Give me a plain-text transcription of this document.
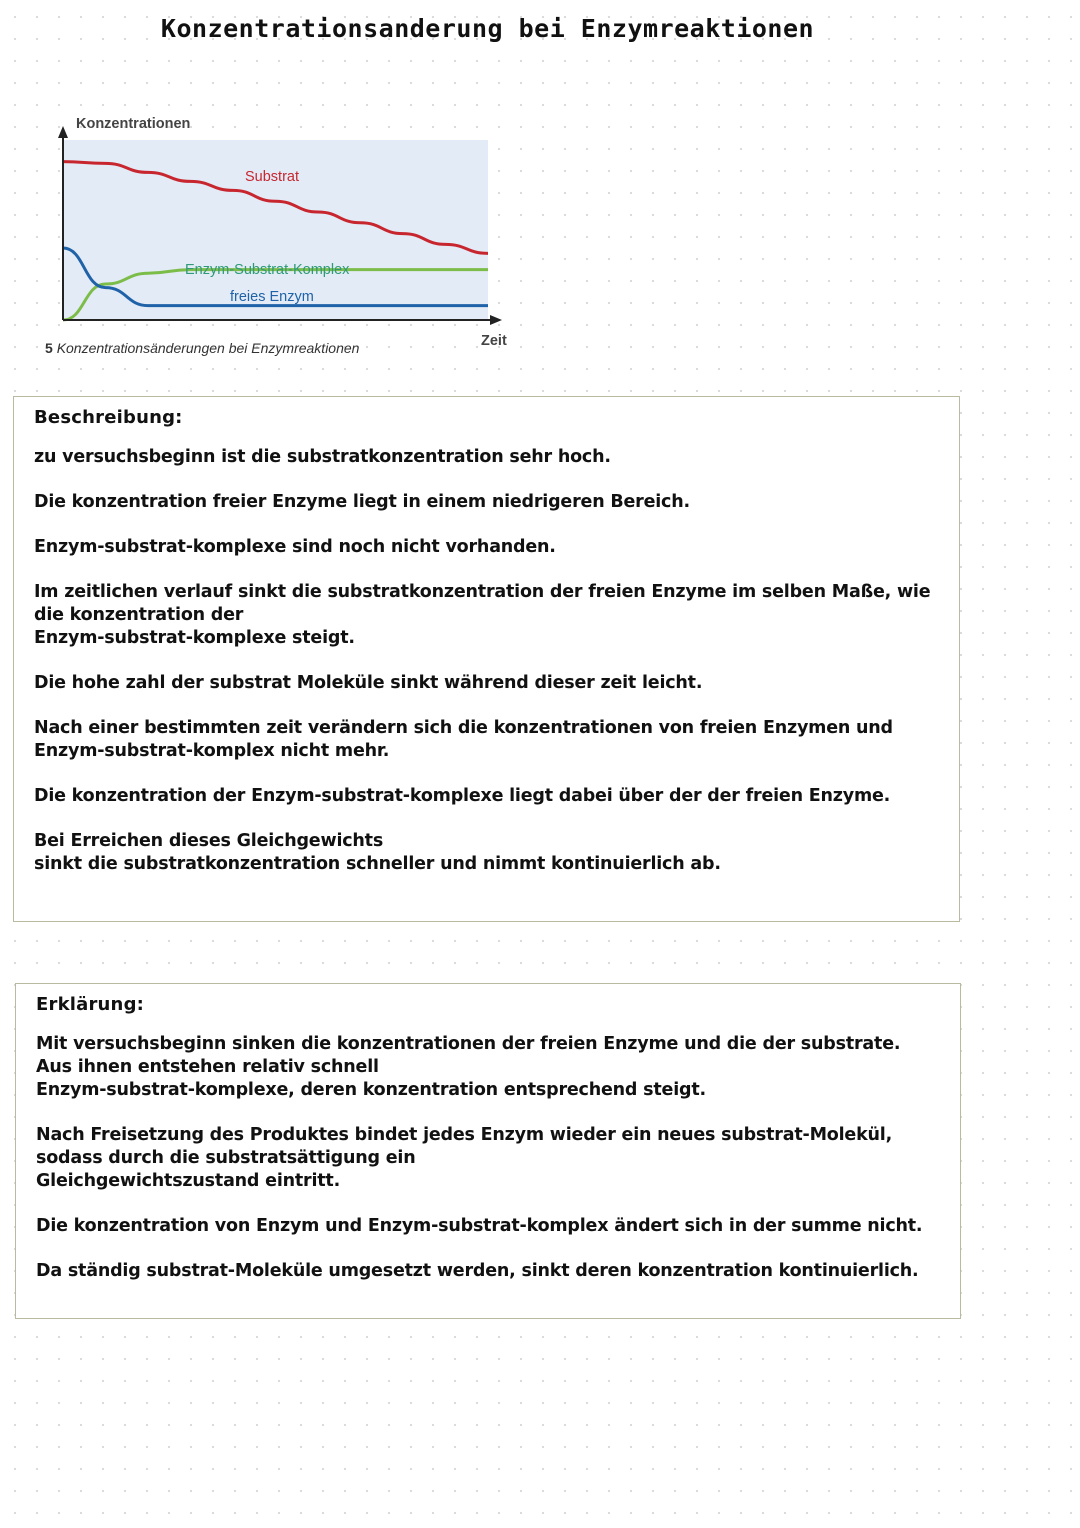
Konzentrationsanderung bei Enzymreaktionen
Konzentrationen
Zeit
Substrat
Enzym-Substrat-Komplex
freies Enzym
5 Konzentrationsänderungen bei Enzymreaktionen
Beschreibung:

zu versuchsbeginn ist die substratkonzentration sehr hoch.

Die konzentration freier Enzyme liegt in einem niedrigeren Bereich.

Enzym-substrat-komplexe sind noch nicht vorhanden.

Im zeitlichen verlauf sinkt die substratkonzentration der freien Enzyme im selben Maße, wie
die konzentration der
Enzym-substrat-komplexe steigt.

Die hohe zahl der substrat Moleküle sinkt während dieser zeit leicht.

Nach einer bestimmten zeit verändern sich die konzentrationen von freien Enzymen und
Enzym-substrat-komplex nicht mehr.

Die konzentration der Enzym-substrat-komplexe liegt dabei über der der freien Enzyme.

Bei Erreichen dieses Gleichgewichts
sinkt die substratkonzentration schneller und nimmt kontinuierlich ab.

Erklärung:

Mit versuchsbeginn sinken die konzentrationen der freien Enzyme und die der substrate.
Aus ihnen entstehen relativ schnell
Enzym-substrat-komplexe, deren konzentration entsprechend steigt.

Nach Freisetzung des Produktes bindet jedes Enzym wieder ein neues substrat-Molekül,
sodass durch die substratsättigung ein
Gleichgewichtszustand eintritt.

Die konzentration von Enzym und Enzym-substrat-komplex ändert sich in der summe nicht.

Da ständig substrat-Moleküle umgesetzt werden, sinkt deren konzentration kontinuierlich.
